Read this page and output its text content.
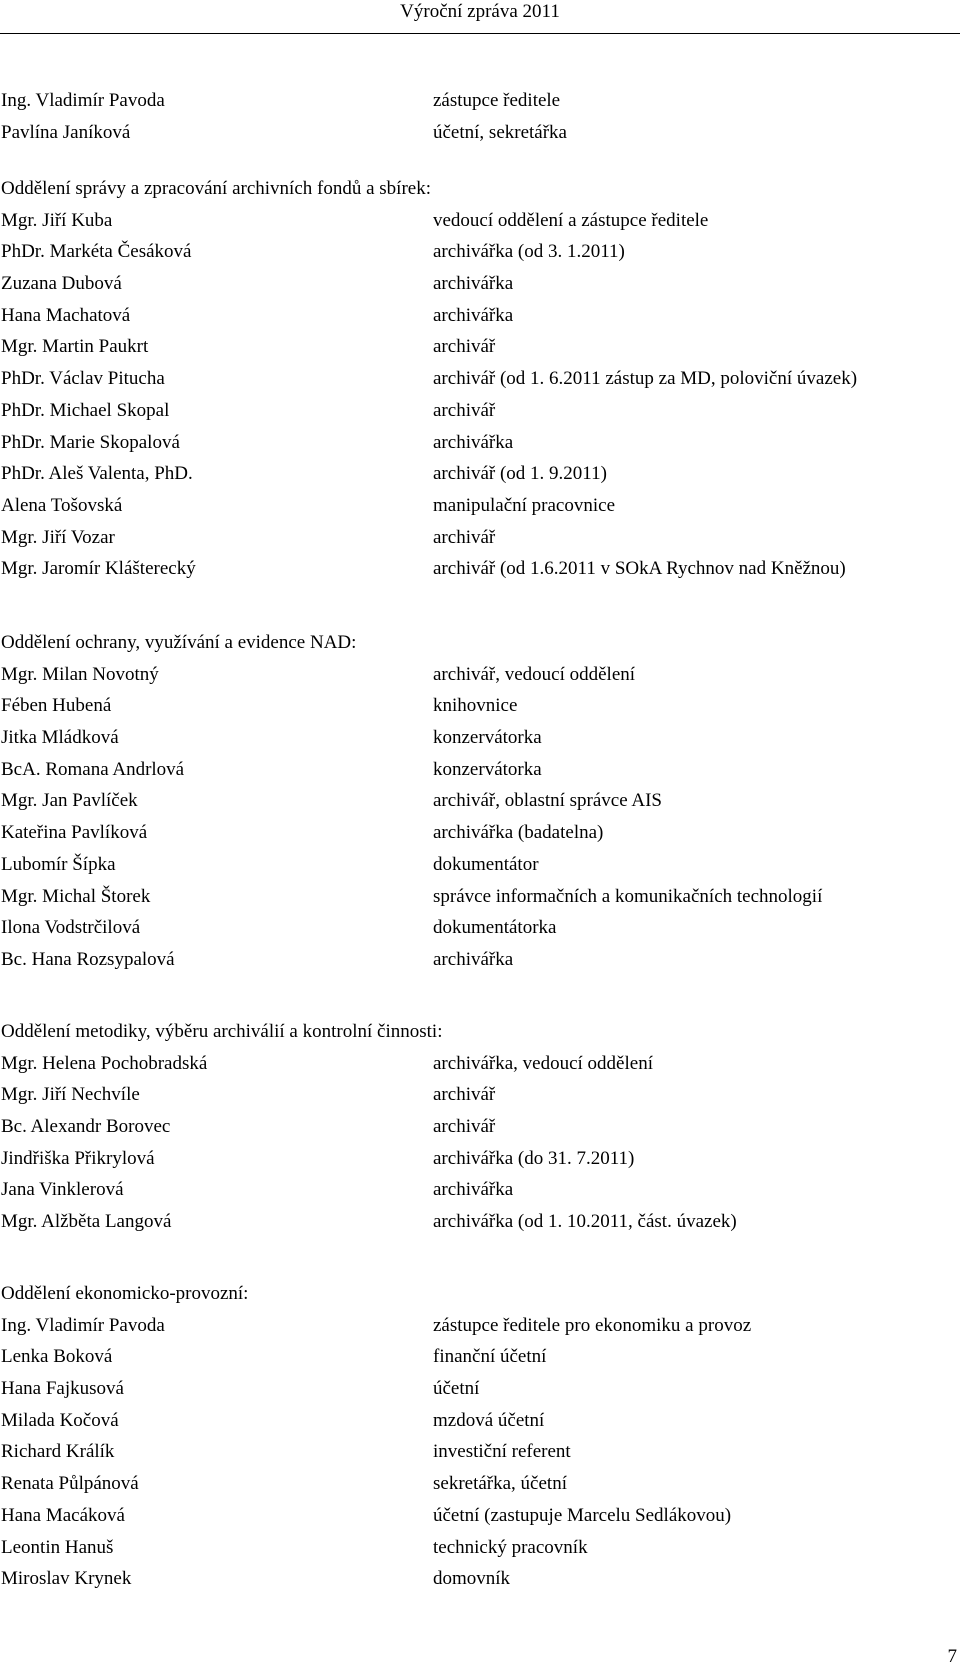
Výroční zpráva 2011
Ing. Vladimír Pavoda	zástupce ředitele
Pavlína Janíková	účetní, sekretářka
Oddělení správy a zpracování archivních fondů a sbírek:
Mgr. Jiří Kuba	vedoucí oddělení a zástupce ředitele
PhDr. Markéta Česáková	archivářka (od 3. 1.2011)
Zuzana Dubová	archivářka
Hana Machatová	archivářka
Mgr. Martin Paukrt	archivář
PhDr. Václav Pitucha	archivář (od 1. 6.2011 zástup za MD, poloviční úvazek)
PhDr. Michael Skopal	archivář
PhDr. Marie Skopalová	archivářka
PhDr. Aleš Valenta, PhD.	archivář (od 1. 9.2011)
Alena Tošovská	manipulační pracovnice
Mgr. Jiří Vozar	archivář
Mgr. Jaromír Klášterecký	archivář (od 1.6.2011 v SOkA Rychnov nad Kněžnou)
Oddělení ochrany, využívání a evidence NAD:
Mgr. Milan Novotný	archivář, vedoucí oddělení
Fében Hubená	knihovnice
Jitka Mládková	konzervátorka
BcA. Romana Andrlová	konzervátorka
Mgr. Jan Pavlíček	archivář, oblastní správce AIS
Kateřina Pavlíková	archivářka (badatelna)
Lubomír Šípka	dokumentátor
Mgr. Michal Štorek	správce informačních a komunikačních technologií
Ilona Vodstrčilová	dokumentátorka
Bc. Hana Rozsypalová	archivářka
Oddělení metodiky, výběru archiválií a kontrolní činnosti:
Mgr. Helena Pochobradská	archivářka, vedoucí oddělení
Mgr. Jiří Nechvíle	archivář
Bc. Alexandr Borovec	archivář
Jindřiška Přikrylová	archivářka (do 31. 7.2011)
Jana Vinklerová	archivářka
Mgr. Alžběta Langová	archivářka (od 1. 10.2011, část. úvazek)
Oddělení ekonomicko-provozní:
Ing. Vladimír Pavoda	zástupce ředitele pro ekonomiku a provoz
Lenka Boková	finanční účetní
Hana Fajkusová	účetní
Milada Kočová	mzdová účetní
Richard Králík	investiční referent
Renata Půlpánová	sekretářka, účetní
Hana Macáková	účetní (zastupuje Marcelu Sedlákovou)
Leontin Hanuš	technický pracovník
Miroslav Krynek	domovník
7
